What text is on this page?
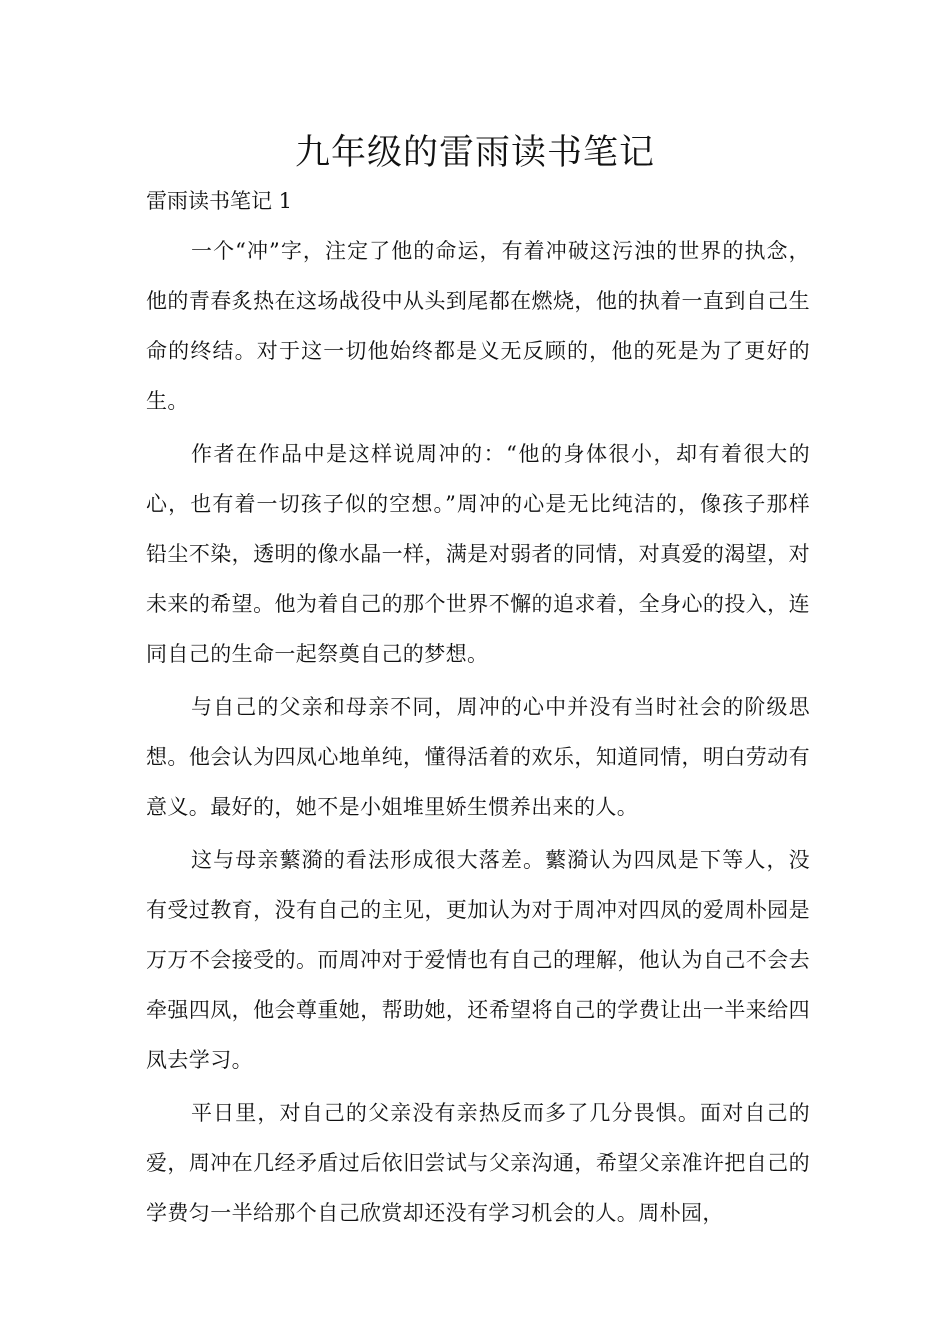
九年级的雷雨读书笔记
雷雨读书笔记 1

一个“冲”字，注定了他的命运，有着冲破这污浊的世界的执念，他的青春炙热在这场战役中从头到尾都在燃烧，他的执着一直到自己生命的终结。对于这一切他始终都是义无反顾的，他的死是为了更好的生。

作者在作品中是这样说周冲的：“他的身体很小，却有着很大的心，也有着一切孩子似的空想。”周冲的心是无比纯洁的，像孩子那样铅尘不染，透明的像水晶一样，满是对弱者的同情，对真爱的渴望，对未来的希望。他为着自己的那个世界不懈的追求着，全身心的投入，连同自己的生命一起祭奠自己的梦想。

与自己的父亲和母亲不同，周冲的心中并没有当时社会的阶级思想。他会认为四凤心地单纯，懂得活着的欢乐，知道同情，明白劳动有意义。最好的，她不是小姐堆里娇生惯养出来的人。

这与母亲蘩漪的看法形成很大落差。蘩漪认为四凤是下等人，没有受过教育，没有自己的主见，更加认为对于周冲对四凤的爱周朴园是万万不会接受的。而周冲对于爱情也有自己的理解，他认为自己不会去牵强四凤，他会尊重她，帮助她，还希望将自己的学费让出一半来给四凤去学习。

平日里，对自己的父亲没有亲热反而多了几分畏惧。面对自己的爱，周冲在几经矛盾过后依旧尝试与父亲沟通，希望父亲准许把自己的学费匀一半给那个自己欣赏却还没有学习机会的人。周朴园，
